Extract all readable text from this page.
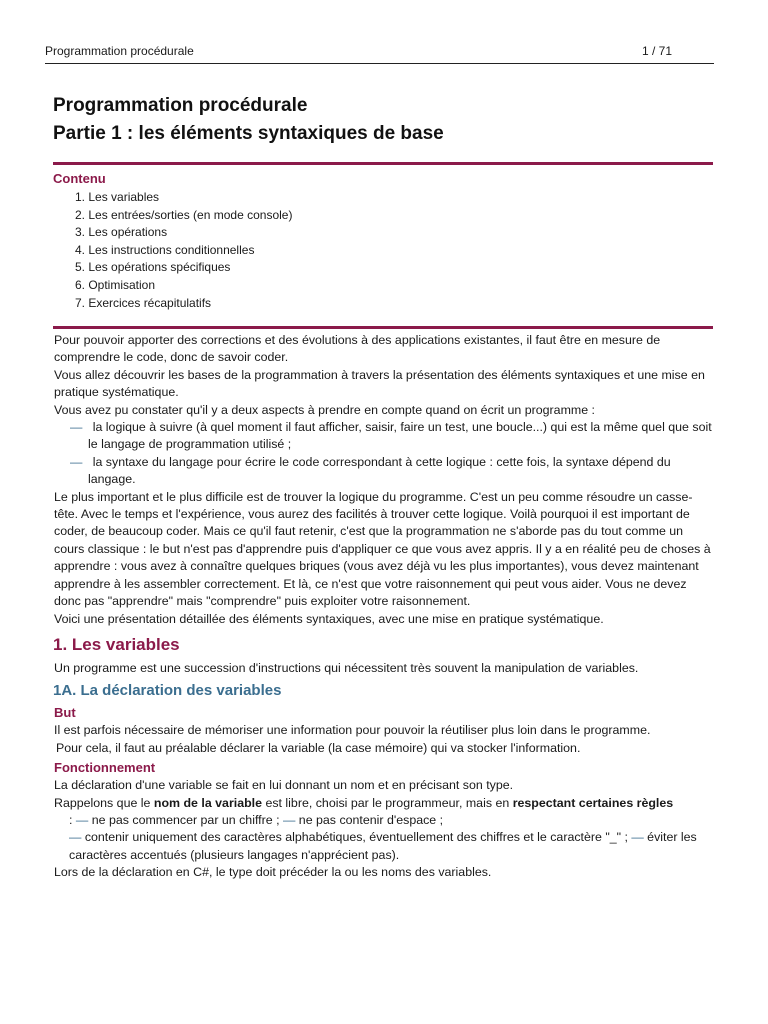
Programmation procédurale	1 / 71
Programmation procédurale
Partie 1 : les éléments syntaxiques de base
Contenu
1. Les variables
2. Les entrées/sorties (en mode console)
3. Les opérations
4. Les instructions conditionnelles
5. Les opérations spécifiques
6. Optimisation
7. Exercices récapitulatifs

Pour pouvoir apporter des corrections et des évolutions à des applications existantes, il faut être en mesure de comprendre le code, donc de savoir coder.

Vous allez découvrir les bases de la programmation à travers la présentation des éléments syntaxiques et une mise en pratique systématique.

Vous avez pu constater qu'il y a deux aspects à prendre en compte quand on écrit un programme :

— la logique à suivre (à quel moment il faut afficher, saisir, faire un test, une boucle...) qui est la même quel que soit le langage de programmation utilisé ;

— la syntaxe du langage pour écrire le code correspondant à cette logique : cette fois, la syntaxe dépend du langage.

Le plus important et le plus difficile est de trouver la logique du programme. C'est un peu comme résoudre un casse-tête. Avec le temps et l'expérience, vous aurez des facilités à trouver cette logique. Voilà pourquoi il est important de coder, de beaucoup coder. Mais ce qu'il faut retenir, c'est que la programmation ne s'aborde pas du tout comme un cours classique : le but n'est pas d'apprendre puis d'appliquer ce que vous avez appris. Il y a en réalité peu de choses à apprendre : vous avez à connaître quelques briques (vous avez déjà vu les plus importantes), vous devez maintenant apprendre à les assembler correctement. Et là, ce n'est que votre raisonnement qui peut vous aider. Vous ne devez donc pas "apprendre" mais "comprendre" puis exploiter votre raisonnement.

Voici une présentation détaillée des éléments syntaxiques, avec une mise en pratique systématique.

1. Les variables

Un programme est une succession d'instructions qui nécessitent très souvent la manipulation de variables.

1A. La déclaration des variables

But

Il est parfois nécessaire de mémoriser une information pour pouvoir la réutiliser plus loin dans le programme.

Pour cela, il faut au préalable déclarer la variable (la case mémoire) qui va stocker l'information.

Fonctionnement

La déclaration d'une variable se fait en lui donnant un nom et en précisant son type.

Rappelons que le nom de la variable est libre, choisi par le programmeur, mais en respectant certaines règles

: — ne pas commencer par un chiffre ; — ne pas contenir d'espace ;

— contenir uniquement des caractères alphabétiques, éventuellement des chiffres et le caractère "_" ; — éviter les caractères accentués (plusieurs langages n'apprécient pas).

Lors de la déclaration en C#, le type doit précéder la ou les noms des variables.
